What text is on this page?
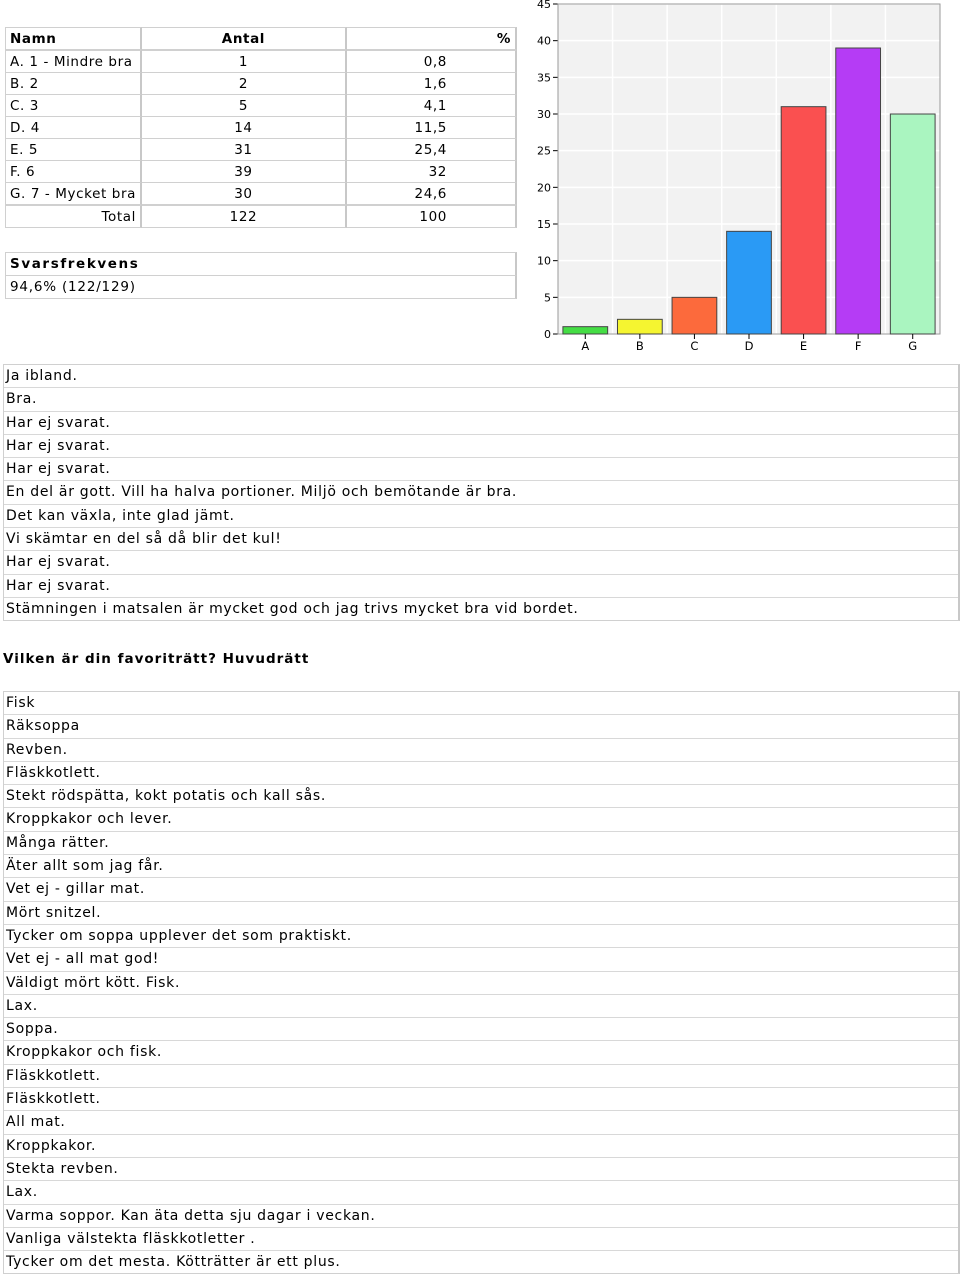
Namn	Antal	%
A. 1 - Mindre bra	1	0,8
B. 2	2	1,6
C. 3	5	4,1
D. 4	14	11,5
E. 5	31	25,4
F. 6	39	32
G. 7 - Mycket bra	30	24,6
Total	122	100
Svarsfrekvens
94,6% (122/129)
0
5
10
15
20
25
30
35
40
45
A	B	C	D	E	F	G
Ja ibland.
Bra.
Har ej svarat.
Har ej svarat.
Har ej svarat.
En del är gott. Vill ha halva portioner. Miljö och bemötande är bra.
Det kan växla, inte glad jämt.
Vi skämtar en del så då blir det kul!
Har ej svarat.
Har ej svarat.
Stämningen i matsalen är mycket god och jag trivs mycket bra vid bordet.
Vilken är din favoriträtt? Huvudrätt
Fisk
Räksoppa
Revben.
Fläskkotlett.
Stekt rödspätta, kokt potatis och kall sås.
Kroppkakor och lever.
Många rätter.
Äter allt som jag får.
Vet ej - gillar mat.
Mört snitzel.
Tycker om soppa upplever det som praktiskt.
Vet ej - all mat god!
Väldigt mört kött. Fisk.
Lax.
Soppa.
Kroppkakor och fisk.
Fläskkotlett.
Fläskkotlett.
All mat.
Kroppkakor.
Stekta revben.
Lax.
Varma soppor. Kan äta detta sju dagar i veckan.
Vanliga välstekta fläskkotletter .
Tycker om det mesta. Kötträtter är ett plus.
